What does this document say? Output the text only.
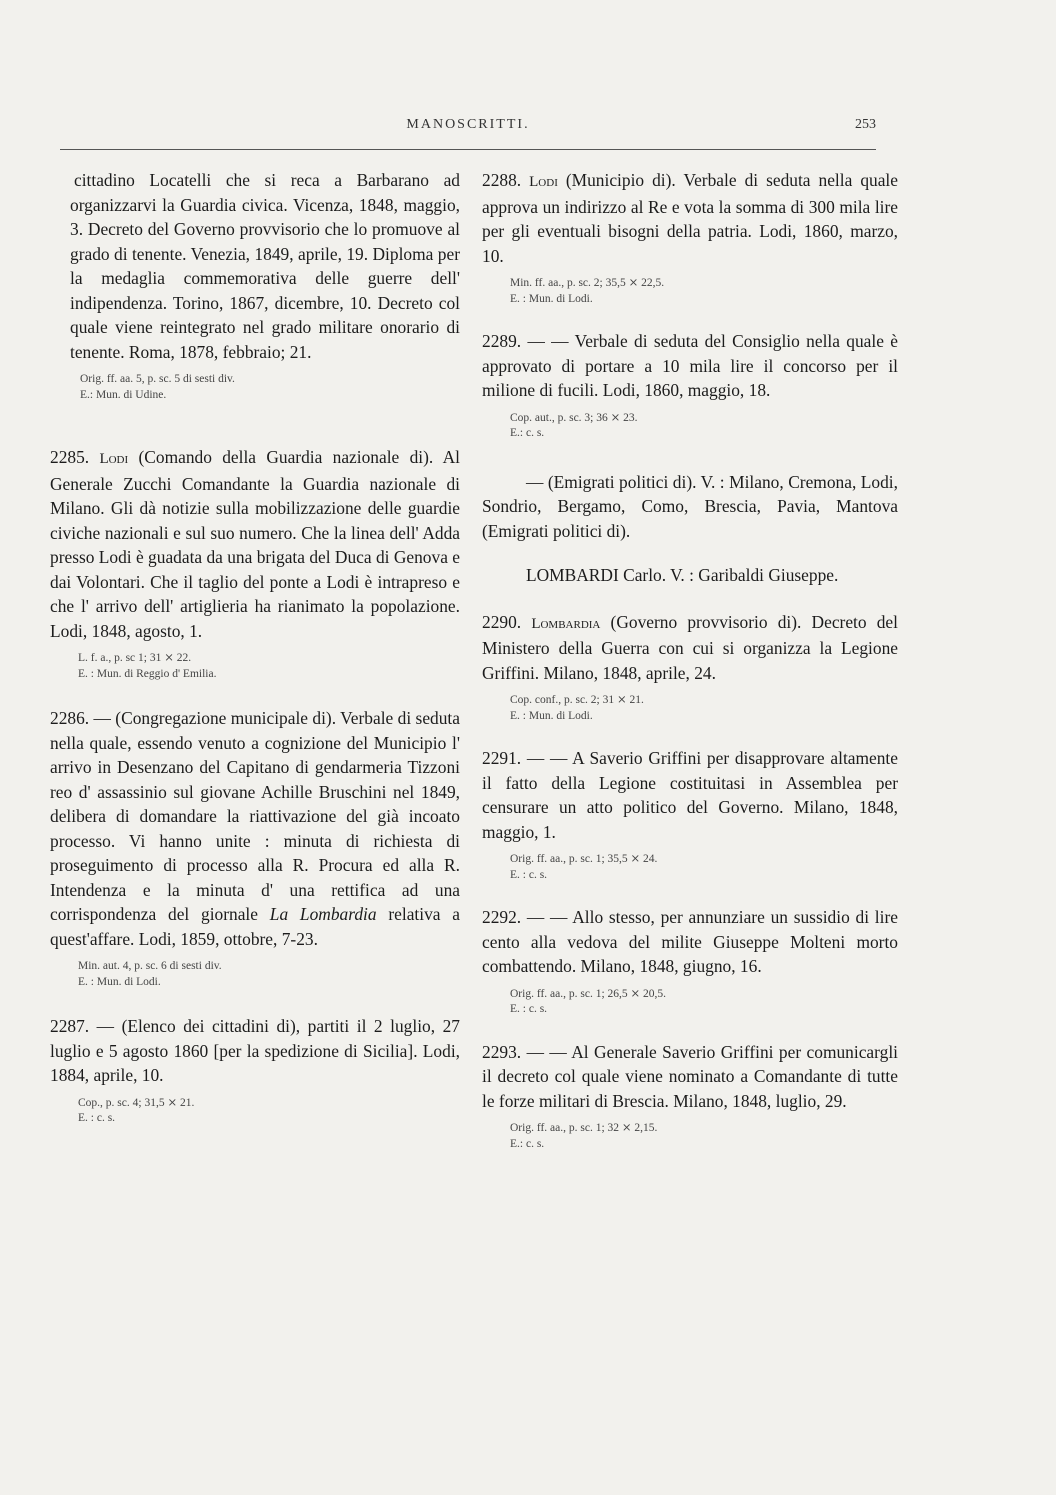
MANOSCRITTI.	253

cittadino Locatelli che si reca a Barbarano ad organizzarvi la Guardia civica. Vicenza, 1848, maggio, 3. Decreto del Governo provvisorio che lo promuove al grado di tenente. Venezia, 1849, aprile, 19. Diploma per la medaglia commemorativa delle guerre dell' indipendenza. Torino, 1867, dicembre, 10. Decreto col quale viene reintegrato nel grado militare onorario di tenente. Roma, 1878, febbraio; 21.

Orig. ff. aa. 5, p. sc. 5 di sesti div.
E.: Mun. di Udine.

2285. Lodi (Comando della Guardia nazionale di). Al Generale Zucchi Comandante la Guardia nazionale di Milano. Gli dà notizie sulla mobilizzazione delle guardie civiche nazionali e sul suo numero. Che la linea dell' Adda presso Lodi è guadata da una brigata del Duca di Genova e dai Volontari. Che il taglio del ponte a Lodi è intrapreso e che l' arrivo dell' artiglieria ha rianimato la popolazione. Lodi, 1848, agosto, 1.

L. f. a., p. sc 1; 31 ⨯ 22.
E. : Mun. di Reggio d' Emilia.

2286. — (Congregazione municipale di). Verbale di seduta nella quale, essendo venuto a cognizione del Municipio l' arrivo in Desenzano del Capitano di gendarmeria Tizzoni reo d' assassinio sul giovane Achille Bruschini nel 1849, delibera di domandare la riattivazione del già incoato processo. Vi hanno unite : minuta di richiesta di proseguimento di processo alla R. Procura ed alla R. Intendenza e la minuta d' una rettifica ad una corrispondenza del giornale La Lombardia relativa a quest'affare. Lodi, 1859, ottobre, 7-23.

Min. aut. 4, p. sc. 6 di sesti div.
E. : Mun. di Lodi.

2287. — (Elenco dei cittadini di), partiti il 2 luglio, 27 luglio e 5 agosto 1860 [per la spedizione di Sicilia]. Lodi, 1884, aprile, 10.

Cop., p. sc. 4; 31,5 ⨯ 21.
E. : c. s.

2288. Lodi (Municipio di). Verbale di seduta nella quale approva un indirizzo al Re e vota la somma di 300 mila lire per gli eventuali bisogni della patria. Lodi, 1860, marzo, 10.

Min. ff. aa., p. sc. 2; 35,5 ⨯ 22,5.
E. : Mun. di Lodi.

2289. — — Verbale di seduta del Consiglio nella quale è approvato di portare a 10 mila lire il concorso per il milione di fucili. Lodi, 1860, maggio, 18.

Cop. aut., p. sc. 3; 36 ⨯ 23.
E.: c. s.

— (Emigrati politici di). V. : Milano, Cremona, Lodi, Sondrio, Bergamo, Como, Brescia, Pavia, Mantova (Emigrati politici di).

LOMBARDI Carlo. V. : Garibaldi Giuseppe.

2290. Lombardia (Governo provvisorio di). Decreto del Ministero della Guerra con cui si organizza la Legione Griffini. Milano, 1848, aprile, 24.

Cop. conf., p. sc. 2; 31 ⨯ 21.
E. : Mun. di Lodi.

2291. — — A Saverio Griffini per disapprovare altamente il fatto della Legione costituitasi in Assemblea per censurare un atto politico del Governo. Milano, 1848, maggio, 1.

Orig. ff. aa., p. sc. 1; 35,5 ⨯ 24.
E. : c. s.

2292. — — Allo stesso, per annunziare un sussidio di lire cento alla vedova del milite Giuseppe Molteni morto combattendo. Milano, 1848, giugno, 16.

Orig. ff. aa., p. sc. 1; 26,5 ⨯ 20,5.
E. : c. s.

2293. — — Al Generale Saverio Griffini per comunicargli il decreto col quale viene nominato a Comandante di tutte le forze militari di Brescia. Milano, 1848, luglio, 29.

Orig. ff. aa., p. sc. 1; 32 ⨯ 2,15.
E.: c. s.
